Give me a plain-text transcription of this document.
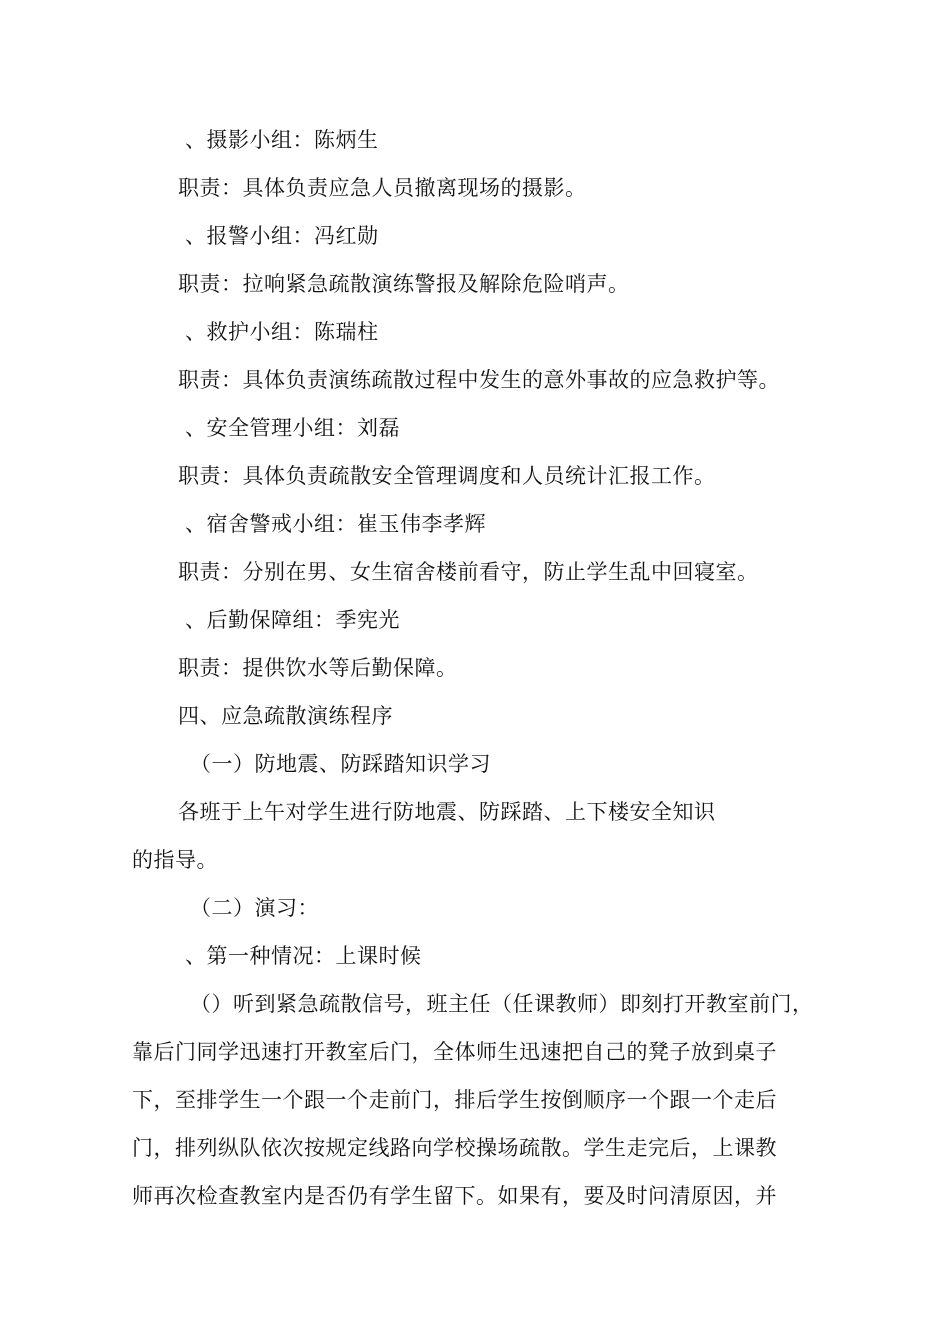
、摄影小组：陈炳生
职责：具体负责应急人员撤离现场的摄影。
、报警小组：冯红勋
职责：拉响紧急疏散演练警报及解除危险哨声。
、救护小组：陈瑞柱
职责：具体负责演练疏散过程中发生的意外事故的应急救护等。
、安全管理小组：刘磊
职责：具体负责疏散安全管理调度和人员统计汇报工作。
、宿舍警戒小组：崔玉伟李孝辉
职责：分别在男、女生宿舍楼前看守，防止学生乱中回寝室。
、后勤保障组：季宪光
职责：提供饮水等后勤保障。
四、应急疏散演练程序
（一）防地震、防踩踏知识学习
各班于上午对学生进行防地震、防踩踏、上下楼安全知识
的指导。
（二）演习：
、第一种情况：上课时候
（）听到紧急疏散信号，班主任（任课教师）即刻打开教室前门，
靠后门同学迅速打开教室后门，全体师生迅速把自己的凳子放到桌子
下，至排学生一个跟一个走前门，排后学生按倒顺序一个跟一个走后
门，排列纵队依次按规定线路向学校操场疏散。学生走完后，上课教
师再次检查教室内是否仍有学生留下。如果有，要及时问清原因，并
